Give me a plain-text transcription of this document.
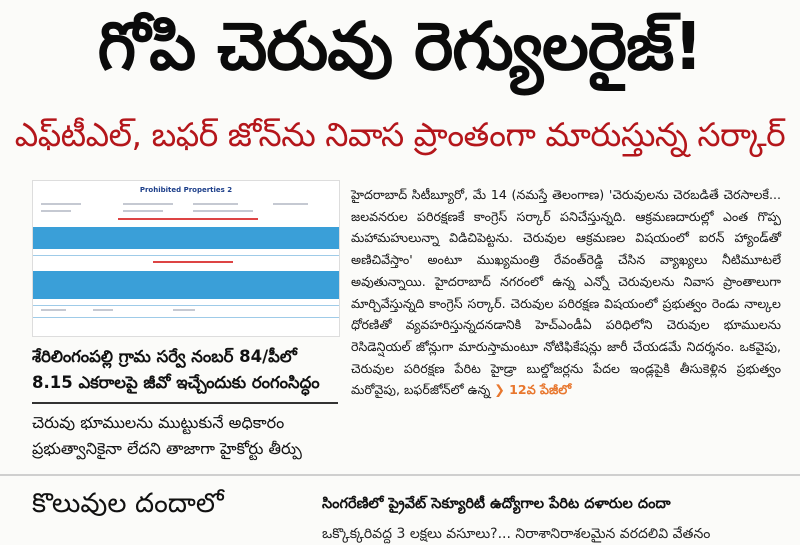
గోపి చెరువు రెగ్యులరైజ్!
ఎఫ్‌టీఎల్, బఫర్ జోన్‌ను నివాస ప్రాంతంగా మారుస్తున్న సర్కార్
Prohibited Properties 2
శేరిలింగంపల్లి గ్రామ సర్వే నంబర్ 84/పీలో 8.15 ఎకరాలపై జీవో ఇచ్చేందుకు రంగంసిద్ధం
చెరువు భూములను ముట్టుకునే అధికారం ప్రభుత్వానికైనా లేదని తాజాగా హైకోర్టు తీర్పు
హైదరాబాద్ సిటీబ్యూరో, మే 14 (నమస్తే తెలంగాణ) 'చెరువులను చెరబడితే చెరసాలకే... జలవనరుల పరిరక్షణకే కాంగ్రెస్ సర్కార్ పనిచేస్తున్నది. ఆక్రమణదారుల్లో ఎంత గొప్ప మహామహులున్నా విడిచిపెట్టను. చెరువుల ఆక్రమణల విషయంలో ఐరన్ హ్యాండ్‌తో అణిచివేస్తాం' అంటూ ముఖ్యమంత్రి రేవంత్‌రెడ్డి చేసిన వ్యాఖ్యలు నీటిమూటలే అవుతున్నాయి. హైదరాబాద్ నగరంలో ఉన్న ఎన్నో చెరువులను నివాస ప్రాంతాలుగా మార్చివేస్తున్నది కాంగ్రెస్ సర్కార్. చెరువుల పరిరక్షణ విషయంలో ప్రభుత్వం రెండు నాల్కల ధోరణితో వ్యవహరిస్తున్నదనడానికి హెచ్ఎండీఏ పరిధిలోని చెరువుల భూములను రెసిడెన్షియల్ జోన్లుగా మారుస్తామంటూ నోటిఫికేషన్లు జారీ చేయడమే నిదర్శనం. ఒకవైపు, చెరువుల పరిరక్షణ పేరిట హైడ్రా బుల్డోజర్లను పేదల ఇండ్లపైకి తీసుకెళ్లిన ప్రభుత్వం మరోవైపు, బఫర్‌జోన్‌లో ఉన్న ❯ 12వ పేజీలో
కొలువుల దందాలో	సింగరేణిలో ప్రైవేట్ సెక్యూరిటీ ఉద్యోగాల పేరిట దళారుల దందా
ఒక్కొక్కరివద్ద 3 లక్షలు వసూలు?... నిరాశానిరాశలమైన వరదలివి వేతనం
